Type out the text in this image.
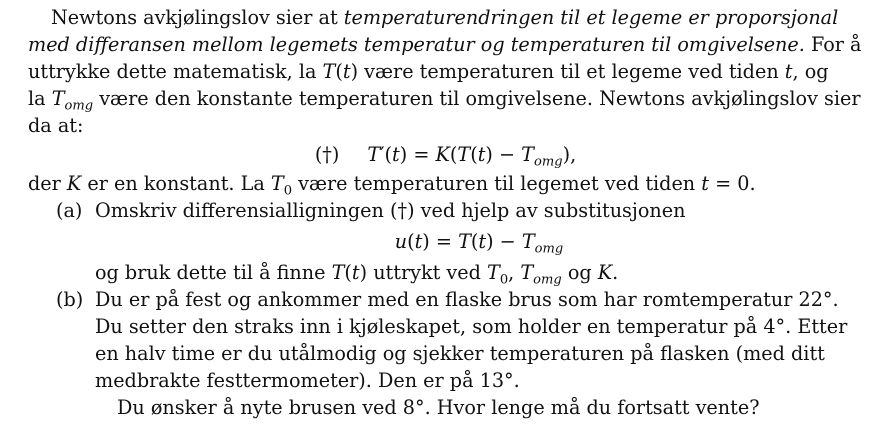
Newtons avkjølingslov sier at temperaturendringen til et legeme er proporsjonal

med differansen mellom legemets temperatur og temperaturen til omgivelsene. For å

uttrykke dette matematisk, la T(t) være temperaturen til et legeme ved tiden t, og

la $T_{omg}$ være den konstante temperaturen til omgivelsene. Newtons avkjølingslov sier

da at:

(†) $T'(t) = K(T(t) - T_{omg})$,

der K er en konstant. La $T_0$ være temperaturen til legemet ved tiden t = 0.

(a) Omskriv differensialligningen (†) ved hjelp av substitusjonen

$u(t) = T(t) - T_{omg}$

og bruk dette til å finne T(t) uttrykt ved $T_0$, $T_{omg}$ og K.

(b) Du er på fest og ankommer med en flaske brus som har romtemperatur 22°.

Du setter den straks inn i kjøleskapet, som holder en temperatur på 4°. Etter

en halv time er du utålmodig og sjekker temperaturen på flasken (med ditt

medbrakte festtermometer). Den er på 13°.

Du ønsker å nyte brusen ved 8°. Hvor lenge må du fortsatt vente?
